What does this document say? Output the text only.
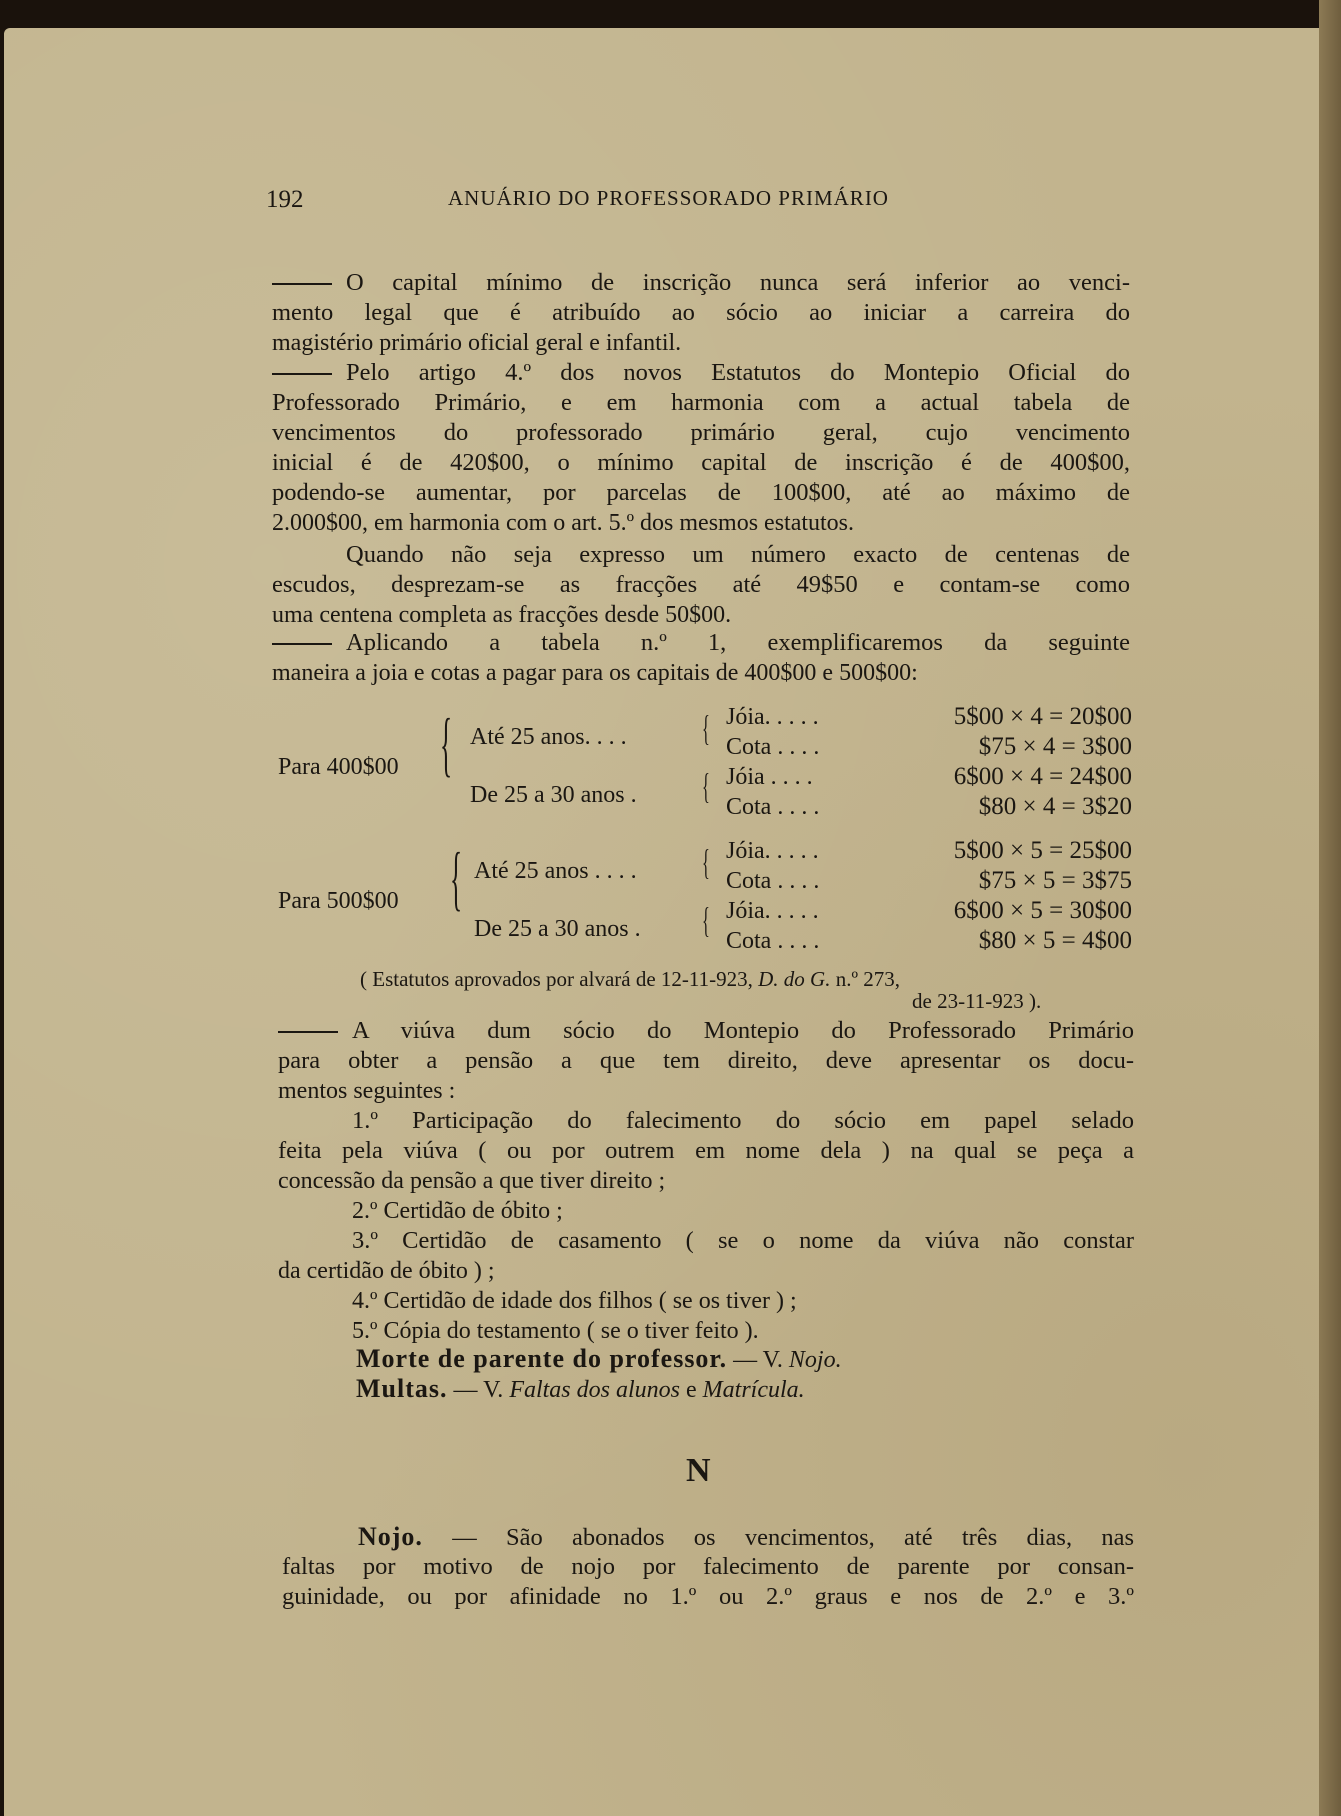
192	ANUÁRIO DO PROFESSORADO PRIMÁRIO
O capital mínimo de inscrição nunca será inferior ao venci-
mento legal que é atribuído ao sócio ao iniciar a carreira do
magistério primário oficial geral e infantil.
Pelo artigo 4.º dos novos Estatutos do Montepio Oficial do
Professorado Primário, e em harmonia com a actual tabela de
vencimentos do professorado primário geral, cujo vencimento
inicial é de 420$00, o mínimo capital de inscrição é de 400$00,
podendo-se aumentar, por parcelas de 100$00, até ao máximo de
2.000$00, em harmonia com o art. 5.º dos mesmos estatutos.
Quando não seja expresso um número exacto de centenas de
escudos, desprezam-se as fracções até 49$50 e contam-se como
uma centena completa as fracções desde 50$00.
Aplicando a tabela n.º 1, exemplificaremos da seguinte
maneira a joia e cotas a pagar para os capitais de 400$00 e 500$00:
Para 400$00 { Até 25 anos. . . .
De 25 a 30 anos .
{
{
Jóia. . . . .
Cota . . . .
Jóia . . . .
Cota . . . .
5$00 × 4 = 20$00
$75 × 4 = 3$00
6$00 × 4 = 24$00
$80 × 4 = 3$20
Para 500$00 { Até 25 anos . . . .
De 25 a 30 anos .
{
{
Jóia. . . . .
Cota . . . .
Jóia. . . . .
Cota . . . .
5$00 × 5 = 25$00
$75 × 5 = 3$75
6$00 × 5 = 30$00
$80 × 5 = 4$00
( Estatutos aprovados por alvará de 12-11-923, D. do G. n.º 273,
de 23-11-923 ).
A viúva dum sócio do Montepio do Professorado Primário
para obter a pensão a que tem direito, deve apresentar os docu-
mentos seguintes :
1.º Participação do falecimento do sócio em papel selado
feita pela viúva ( ou por outrem em nome dela ) na qual se peça a
concessão da pensão a que tiver direito ;
2.º Certidão de óbito ;
3.º Certidão de casamento ( se o nome da viúva não constar
da certidão de óbito ) ;
4.º Certidão de idade dos filhos ( se os tiver ) ;
5.º Cópia do testamento ( se o tiver feito ).
Morte de parente do professor. — V. Nojo.
Multas. — V. Faltas dos alunos e Matrícula.
N
Nojo. — São abonados os vencimentos, até três dias, nas
faltas por motivo de nojo por falecimento de parente por consan-
guinidade, ou por afinidade no 1.º ou 2.º graus e nos de 2.º e 3.º
